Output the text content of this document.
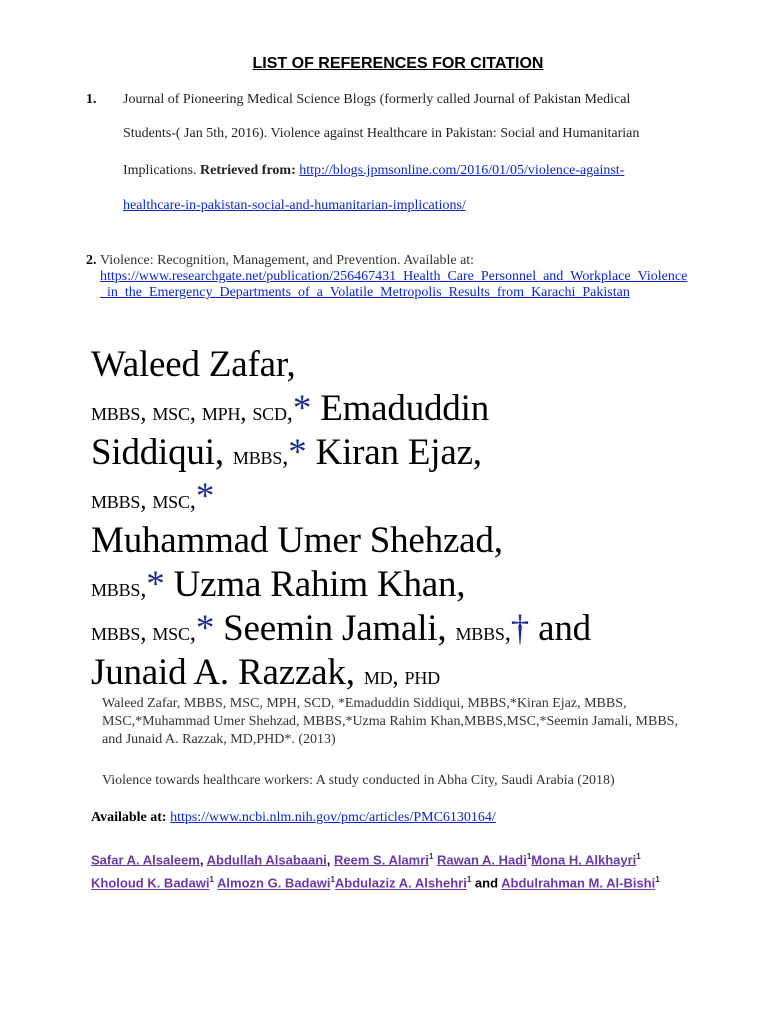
LIST OF REFERENCES FOR CITATION
1. Journal of Pioneering Medical Science Blogs (formerly called Journal of Pakistan Medical
Students-( Jan 5th, 2016). Violence against Healthcare in Pakistan: Social and Humanitarian
Implications. Retrieved from: http://blogs.jpmsonline.com/2016/01/05/violence-against-
healthcare-in-pakistan-social-and-humanitarian-implications/
2. Violence: Recognition, Management, and Prevention. Available at:
https://www.researchgate.net/publication/256467431_Health_Care_Personnel_and_Workplace_Violence_in_the_Emergency_Departments_of_a_Volatile_Metropolis_Results_from_Karachi_Pakistan
Waleed Zafar,
mbbs, msc, mph, scd,* Emaduddin
Siddiqui, mbbs,* Kiran Ejaz,
mbbs, msc,*
Muhammad Umer Shehzad,
mbbs,* Uzma Rahim Khan,
mbbs, msc,* Seemin Jamali, mbbs,† and
Junaid A. Razzak, md, phd
Waleed Zafar, MBBS, MSC, MPH, SCD, *Emaduddin Siddiqui, MBBS,*Kiran Ejaz, MBBS, MSC,*Muhammad Umer Shehzad, MBBS,*Uzma Rahim Khan,MBBS,MSC,*Seemin Jamali, MBBS, and Junaid A. Razzak, MD,PHD*. (2013)
Violence towards healthcare workers: A study conducted in Abha City, Saudi Arabia (2018)
Available at: https://www.ncbi.nlm.nih.gov/pmc/articles/PMC6130164/
Safar A. Alsaleem, Abdullah Alsabaani, Reem S. Alamri$^1$ Rawan A. Hadi$^1$Mona H. Alkhayri$^1$ Kholoud K. Badawi$^1$ Almozn G. Badawi$^1$Abdulaziz A. Alshehri$^1$ and Abdulrahman M. Al-Bishi$^1$
